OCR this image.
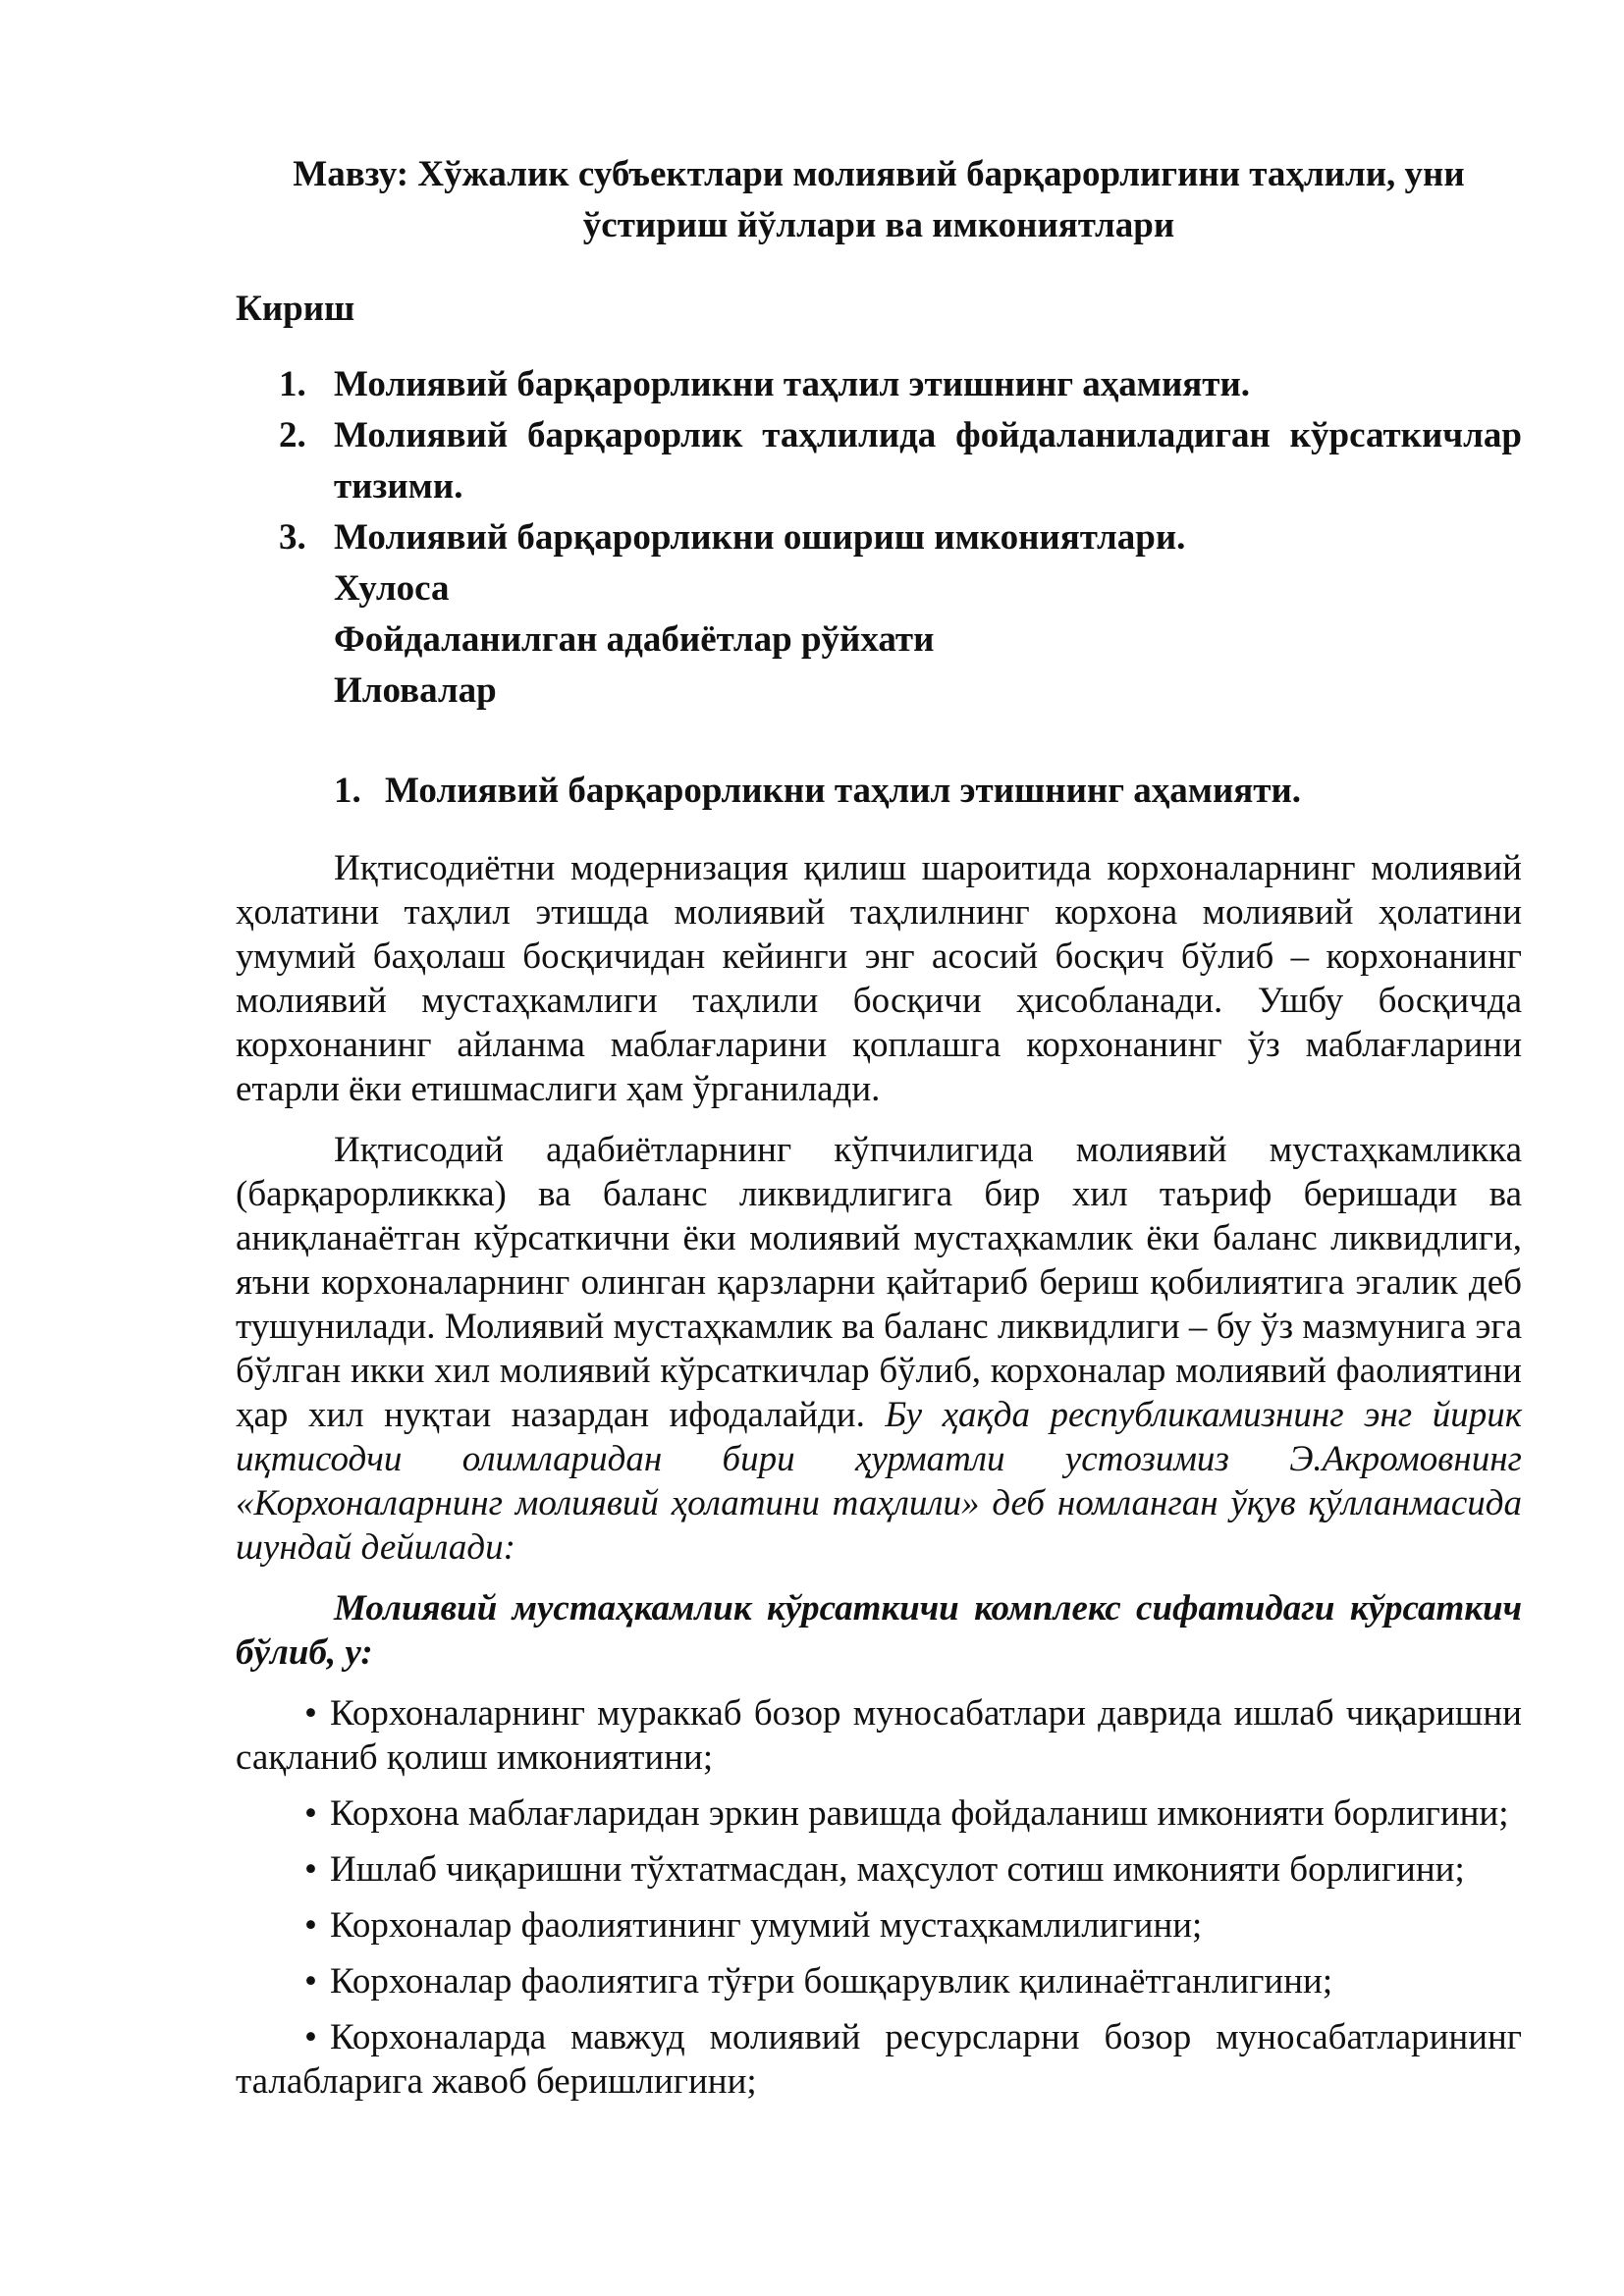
Мавзу: Хўжалик субъектлари молиявий барқарорлигини таҳлили, уни
ўстириш йўллари ва имкониятлари
Кириш
1. Молиявий барқарорликни таҳлил этишнинг аҳамияти.
2. Молиявий барқарорлик таҳлилида фойдаланиладиган кўрсаткичлар тизими.
3. Молиявий барқарорликни ошириш имкониятлари.
Хулоса
Фойдаланилган адабиётлар рўйхати
Иловалар
1. Молиявий барқарорликни таҳлил этишнинг аҳамияти.

Иқтисодиётни модернизация қилиш шароитида корхоналарнинг молиявий ҳолатини таҳлил этишда молиявий таҳлилнинг корхона молиявий ҳолатини умумий баҳолаш босқичидан кейинги энг асосий босқич бўлиб – корхонанинг молиявий мустаҳкамлиги таҳлили босқичи ҳисобланади. Ушбу босқичда корхонанинг айланма маблағларини қоплашга корхонанинг ўз маблағларини етарли ёки етишмаслиги ҳам ўрганилади.

Иқтисодий адабиётларнинг кўпчилигида молиявий мустаҳкамликка (барқарорликкка) ва баланс ликвидлигига бир хил таъриф беришади ва аниқланаётган кўрсаткични ёки молиявий мустаҳкамлик ёки баланс ликвидлиги, яъни корхоналарнинг олинган қарзларни қайтариб бериш қобилиятига эгалик деб тушунилади. Молиявий мустаҳкамлик ва баланс ликвидлиги – бу ўз мазмунига эга бўлган икки хил молиявий кўрсаткичлар бўлиб, корхоналар молиявий фаолиятини ҳар хил нуқтаи назардан ифодалайди. Бу ҳақда республикамизнинг энг йирик иқтисодчи олимларидан бири ҳурматли устозимиз Э.Акромовнинг «Корхоналарнинг молиявий ҳолатини таҳлили» деб номланган ўқув қўлланмасида шундай дейилади:

Молиявий мустаҳкамлик кўрсаткичи комплекс сифатидаги кўрсаткич бўлиб, у:

• Корхоналарнинг мураккаб бозор муносабатлари даврида ишлаб чиқаришни сақланиб қолиш имкониятини;

• Корхона маблағларидан эркин равишда фойдаланиш имконияти борлигини;

• Ишлаб чиқаришни тўхтатмасдан, маҳсулот сотиш имконияти борлигини;

• Корхоналар фаолиятининг умумий мустаҳкамлилигини;

• Корхоналар фаолиятига тўғри бошқарувлик қилинаётганлигини;

• Корхоналарда мавжуд молиявий ресурсларни бозор муносабатларининг талабларига жавоб беришлигини;
